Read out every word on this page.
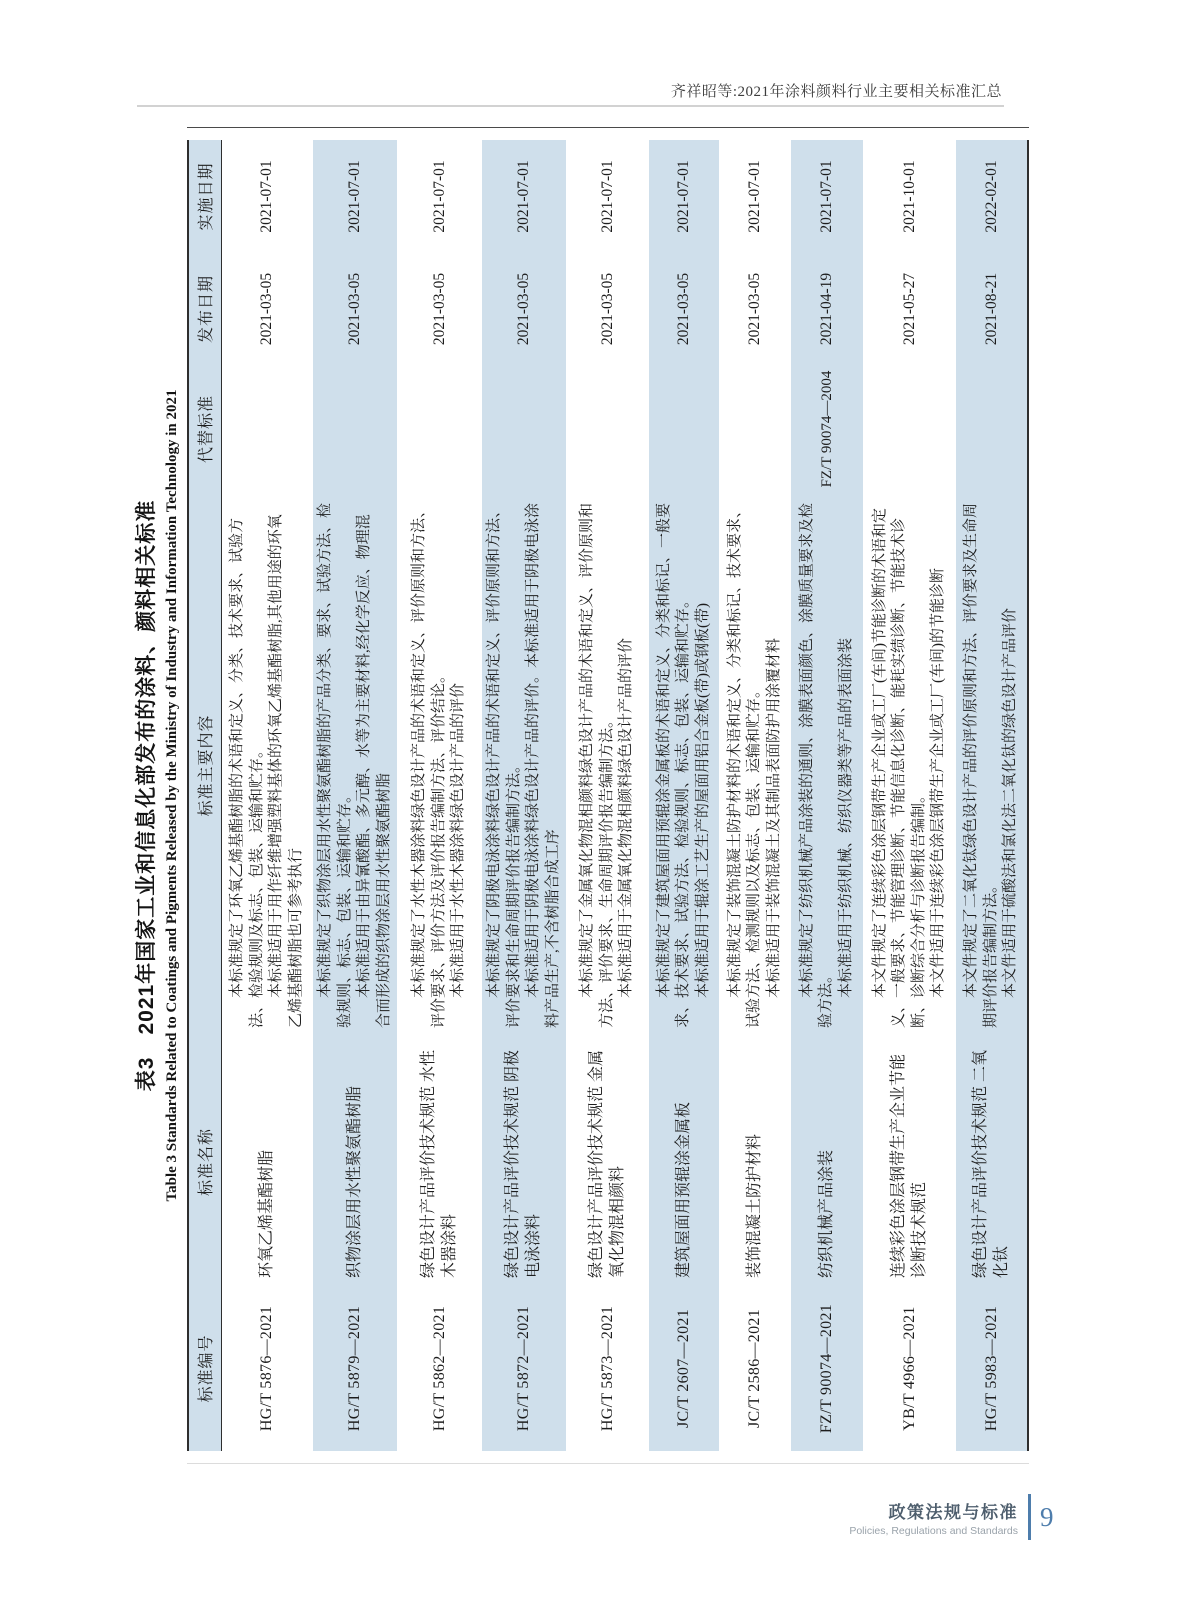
齐祥昭等:2021年涂料颜料行业主要相关标准汇总
表3　2021年国家工业和信息化部发布的涂料、颜料相关标准 Table 3 Standards Related to Coatings and Pigments Released by the Ministry of Industry and Information Technology in 2021
标准编号	标准名称	标准主要内容	代替标准	发布日期	实施日期
HG/T 5876—2021	环氧乙烯基酯树脂	本标准规定了环氧乙烯基酯树脂的术语和定义、分类、技术要求、试验方法、检验规则及标志、包装、运输和贮存。 本标准适用于用作纤维增强塑料基体的环氧乙烯基酯树脂,其他用途的环氧乙烯基酯树脂也可参考执行		2021-03-05	2021-07-01
HG/T 5879—2021	织物涂层用水性聚氨酯树脂	本标准规定了织物涂层用水性聚氨酯树脂的产品分类、要求、试验方法、检验规则、标志、包装、运输和贮存。 本标准适用于由异氰酸酯、多元醇、水等为主要材料,经化学反应、物理混合而形成的织物涂层用水性聚氨酯树脂		2021-03-05	2021-07-01
HG/T 5862—2021	绿色设计产品评价技术规范 水性木器涂料	本标准规定了水性木器涂料绿色设计产品的术语和定义、评价原则和方法、评价要求、评价方法及评价报告编制方法、评价结论。 本标准适用于水性木器涂料绿色设计产品的评价		2021-03-05	2021-07-01
HG/T 5872—2021	绿色设计产品评价技术规范 阴极电泳涂料	本标准规定了阴极电泳涂料绿色设计产品的术语和定义、评价原则和方法、评价要求和生命周期评价报告编制方法。 本标准适用于阴极电泳涂料绿色设计产品的评价。本标准适用于阴极电泳涂料产品生产,不含树脂合成工序		2021-03-05	2021-07-01
HG/T 5873—2021	绿色设计产品评价技术规范 金属氧化物混相颜料	本标准规定了金属氧化物混相颜料绿色设计产品的术语和定义、评价原则和方法、评价要求、生命周期评价报告编制方法。 本标准适用于金属氧化物混相颜料绿色设计产品的评价		2021-03-05	2021-07-01
JC/T 2607—2021	建筑屋面用预辊涂金属板	本标准规定了建筑屋面用预辊涂金属板的术语和定义、分类和标记、一般要求、技术要求、试验方法、检验规则、标志、包装、运输和贮存。 本标准适用于辊涂工艺生产的屋面用铝合金板(带)或钢板(带)		2021-03-05	2021-07-01
JC/T 2586—2021	装饰混凝土防护材料	本标准规定了装饰混凝土防护材料的术语和定义、分类和标记、技术要求、试验方法、检测规则以及标志、包装、运输和贮存。 本标准适用于装饰混凝土及其制品表面防护用涂覆材料		2021-03-05	2021-07-01
FZ/T 90074—2021	纺织机械产品涂装	本标准规定了纺织机械产品涂装的通则、涂膜表面颜色、涂膜质量要求及检验方法。 本标准适用于纺织机械、纺织仪器类等产品的表面涂装	FZ/T 90074—2004	2021-04-19	2021-07-01
YB/T 4966—2021	连续彩色涂层钢带生产企业节能诊断技术规范	本文件规定了连续彩色涂层钢带生产企业或工厂(车间)节能诊断的术语和定义、一般要求、节能管理诊断、节能信息化诊断、能耗实绩诊断、节能技术诊断、诊断综合分析与诊断报告编制。 本文件适用于连续彩色涂层钢带生产企业或工厂(车间)的节能诊断		2021-05-27	2021-10-01
HG/T 5983—2021	绿色设计产品评价技术规范 二氧化钛	本文件规定了二氧化钛绿色设计产品的评价原则和方法、评价要求及生命周期评价报告编制方法。 本文件适用于硫酸法和氯化法二氧化钛的绿色设计产品评价		2021-08-21	2022-02-01
政策法规与标准
Policies, Regulations and Standards 9
